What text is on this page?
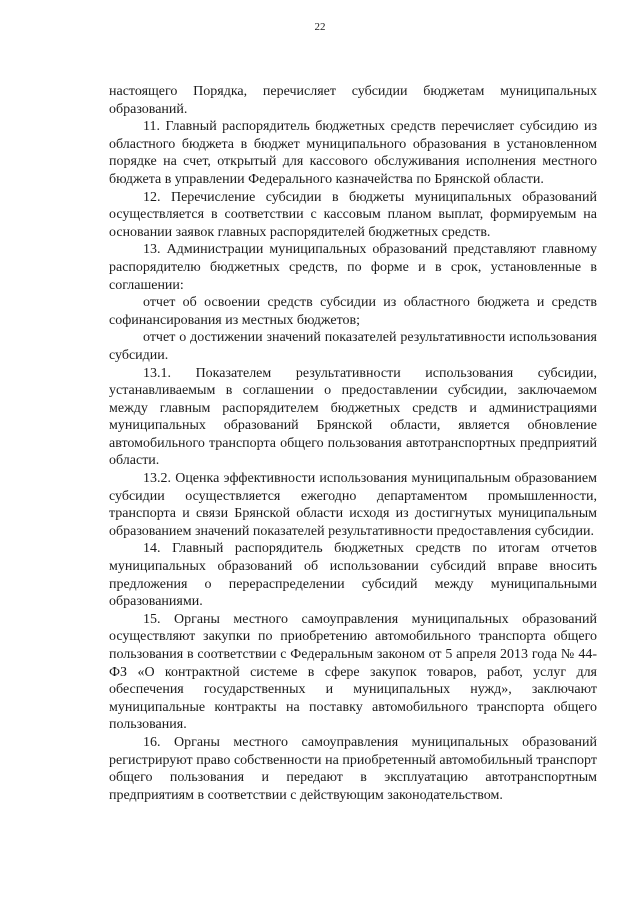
22

настоящего Порядка, перечисляет субсидии бюджетам муниципальных образований.

11. Главный распорядитель бюджетных средств перечисляет субсидию из областного бюджета в бюджет муниципального образования в установленном порядке на счет, открытый для кассового обслуживания исполнения местного бюджета в управлении Федерального казначейства по Брянской области.

12. Перечисление субсидии в бюджеты муниципальных образований осуществляется в соответствии с кассовым планом выплат, формируемым на основании заявок главных распорядителей бюджетных средств.

13. Администрации муниципальных образований представляют главному распорядителю бюджетных средств, по форме и в срок, установленные в соглашении:

отчет об освоении средств субсидии из областного бюджета и средств софинансирования из местных бюджетов;

отчет о достижении значений показателей результативности использования субсидии.

13.1. Показателем результативности использования субсидии, устанавливаемым в соглашении о предоставлении субсидии, заключаемом между главным распорядителем бюджетных средств и администрациями муниципальных образований Брянской области, является обновление автомобильного транспорта общего пользования автотранспортных предприятий области.

13.2. Оценка эффективности использования муниципальным образованием субсидии осуществляется ежегодно департаментом промышленности, транспорта и связи Брянской области исходя из достигнутых муниципальным образованием значений показателей результативности предоставления субсидии.

14. Главный распорядитель бюджетных средств по итогам отчетов муниципальных образований об использовании субсидий вправе вносить предложения о перераспределении субсидий между муниципальными образованиями.

15. Органы местного самоуправления муниципальных образований осуществляют закупки по приобретению автомобильного транспорта общего пользования в соответствии с Федеральным законом от 5 апреля 2013 года № 44-ФЗ «О контрактной системе в сфере закупок товаров, работ, услуг для обеспечения государственных и муниципальных нужд», заключают муниципальные контракты на поставку автомобильного транспорта общего пользования.

16. Органы местного самоуправления муниципальных образований регистрируют право собственности на приобретенный автомобильный транспорт общего пользования и передают в эксплуатацию автотранспортным предприятиям в соответствии с действующим законодательством.
